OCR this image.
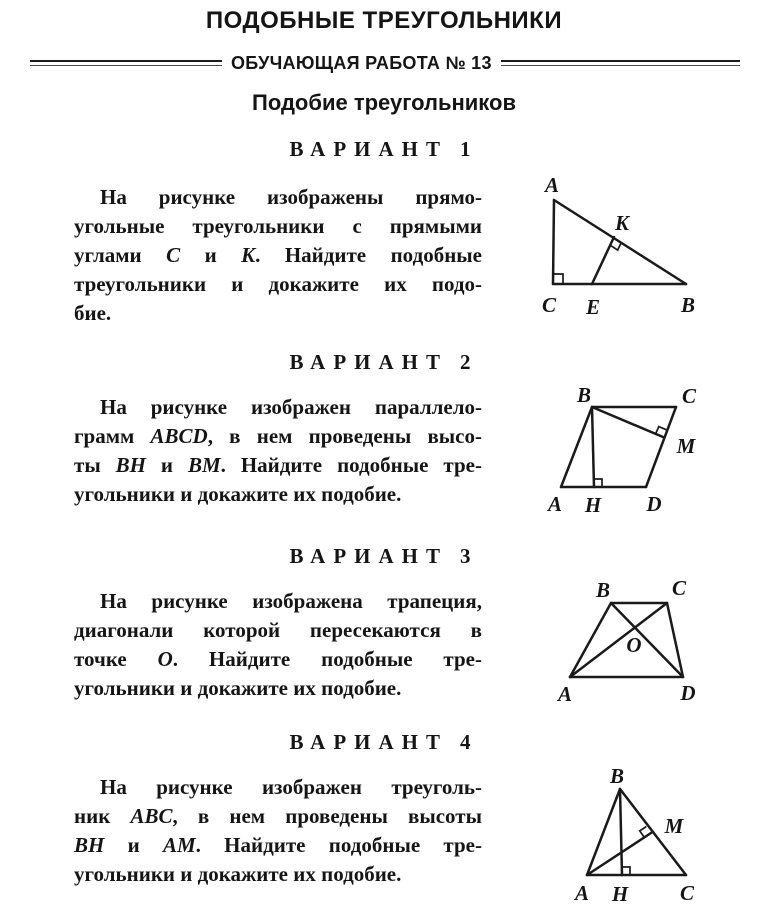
ПОДОБНЫЕ ТРЕУГОЛЬНИКИ
ОБУЧАЮЩАЯ РАБОТА № 13
Подобие треугольников
ВАРИАНТ 1
На рисунке изображены прямо-
угольные треугольники с прямыми
углами C и K. Найдите подобные
треугольники и докажите их подо-
бие.
A
K
C E	B
ВАРИАНТ 2
На рисунке изображен параллело-
грамм ABCD, в нем проведены высо-
ты BH и BM. Найдите подобные тре-
угольники и докажите их подобие.
B	C
M
A H D
ВАРИАНТ 3
На рисунке изображена трапеция,
диагонали которой пересекаются в
точке O. Найдите подобные тре-
угольники и докажите их подобие.
B	C
O
A	D
ВАРИАНТ 4
На рисунке изображен треуголь-
ник ABC, в нем проведены высоты
BH и AM. Найдите подобные тре-
угольники и докажите их подобие.
B
M
A H C
